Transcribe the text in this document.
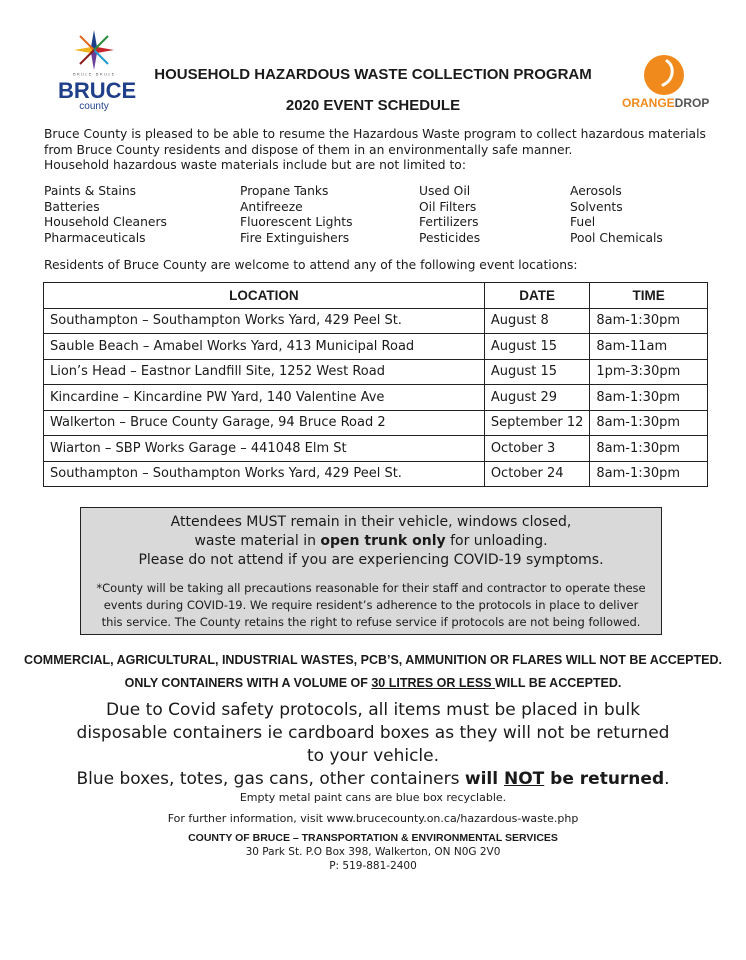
ᴮᴿᵁᶜᴱ ᴮᴿᵁᶜᴱ
BRUCE
county	ORANGEDROP
HOUSEHOLD HAZARDOUS WASTE COLLECTION PROGRAM
2020 EVENT SCHEDULE
Bruce County is pleased to be able to resume the Hazardous Waste program to collect hazardous materials
from Bruce County residents and dispose of them in an environmentally safe manner.
Household hazardous waste materials include but are not limited to:
Paints & Stains
Batteries
Household Cleaners
Pharmaceuticals
Propane Tanks
Antifreeze
Fluorescent Lights
Fire Extinguishers
Used Oil
Oil Filters
Fertilizers
Pesticides
Aerosols
Solvents
Fuel
Pool Chemicals
Residents of Bruce County are welcome to attend any of the following event locations:
LOCATION	DATE	TIME
Southampton – Southampton Works Yard, 429 Peel St.	August 8	8am-1:30pm
Sauble Beach – Amabel Works Yard, 413 Municipal Road	August 15	8am-11am
Lion’s Head – Eastnor Landfill Site, 1252 West Road	August 15	1pm-3:30pm
Kincardine – Kincardine PW Yard, 140 Valentine Ave	August 29	8am-1:30pm
Walkerton – Bruce County Garage, 94 Bruce Road 2	September 12	8am-1:30pm
Wiarton – SBP Works Garage – 441048 Elm St	October 3	8am-1:30pm
Southampton – Southampton Works Yard, 429 Peel St.	October 24	8am-1:30pm
Attendees MUST remain in their vehicle, windows closed,
waste material in open trunk only for unloading.
Please do not attend if you are experiencing COVID-19 symptoms.
*County will be taking all precautions reasonable for their staff and contractor to operate these
events during COVID-19. We require resident’s adherence to the protocols in place to deliver
this service. The County retains the right to refuse service if protocols are not being followed.
COMMERCIAL, AGRICULTURAL, INDUSTRIAL WASTES, PCB’S, AMMUNITION OR FLARES WILL NOT BE ACCEPTED.
ONLY CONTAINERS WITH A VOLUME OF 30 LITRES OR LESS WILL BE ACCEPTED.
Due to Covid safety protocols, all items must be placed in bulk
disposable containers ie cardboard boxes as they will not be returned
to your vehicle.
Blue boxes, totes, gas cans, other containers will NOT be returned.
Empty metal paint cans are blue box recyclable.
For further information, visit www.brucecounty.on.ca/hazardous-waste.php
COUNTY OF BRUCE – TRANSPORTATION & ENVIRONMENTAL SERVICES
30 Park St. P.O Box 398, Walkerton, ON N0G 2V0
P: 519-881-2400
